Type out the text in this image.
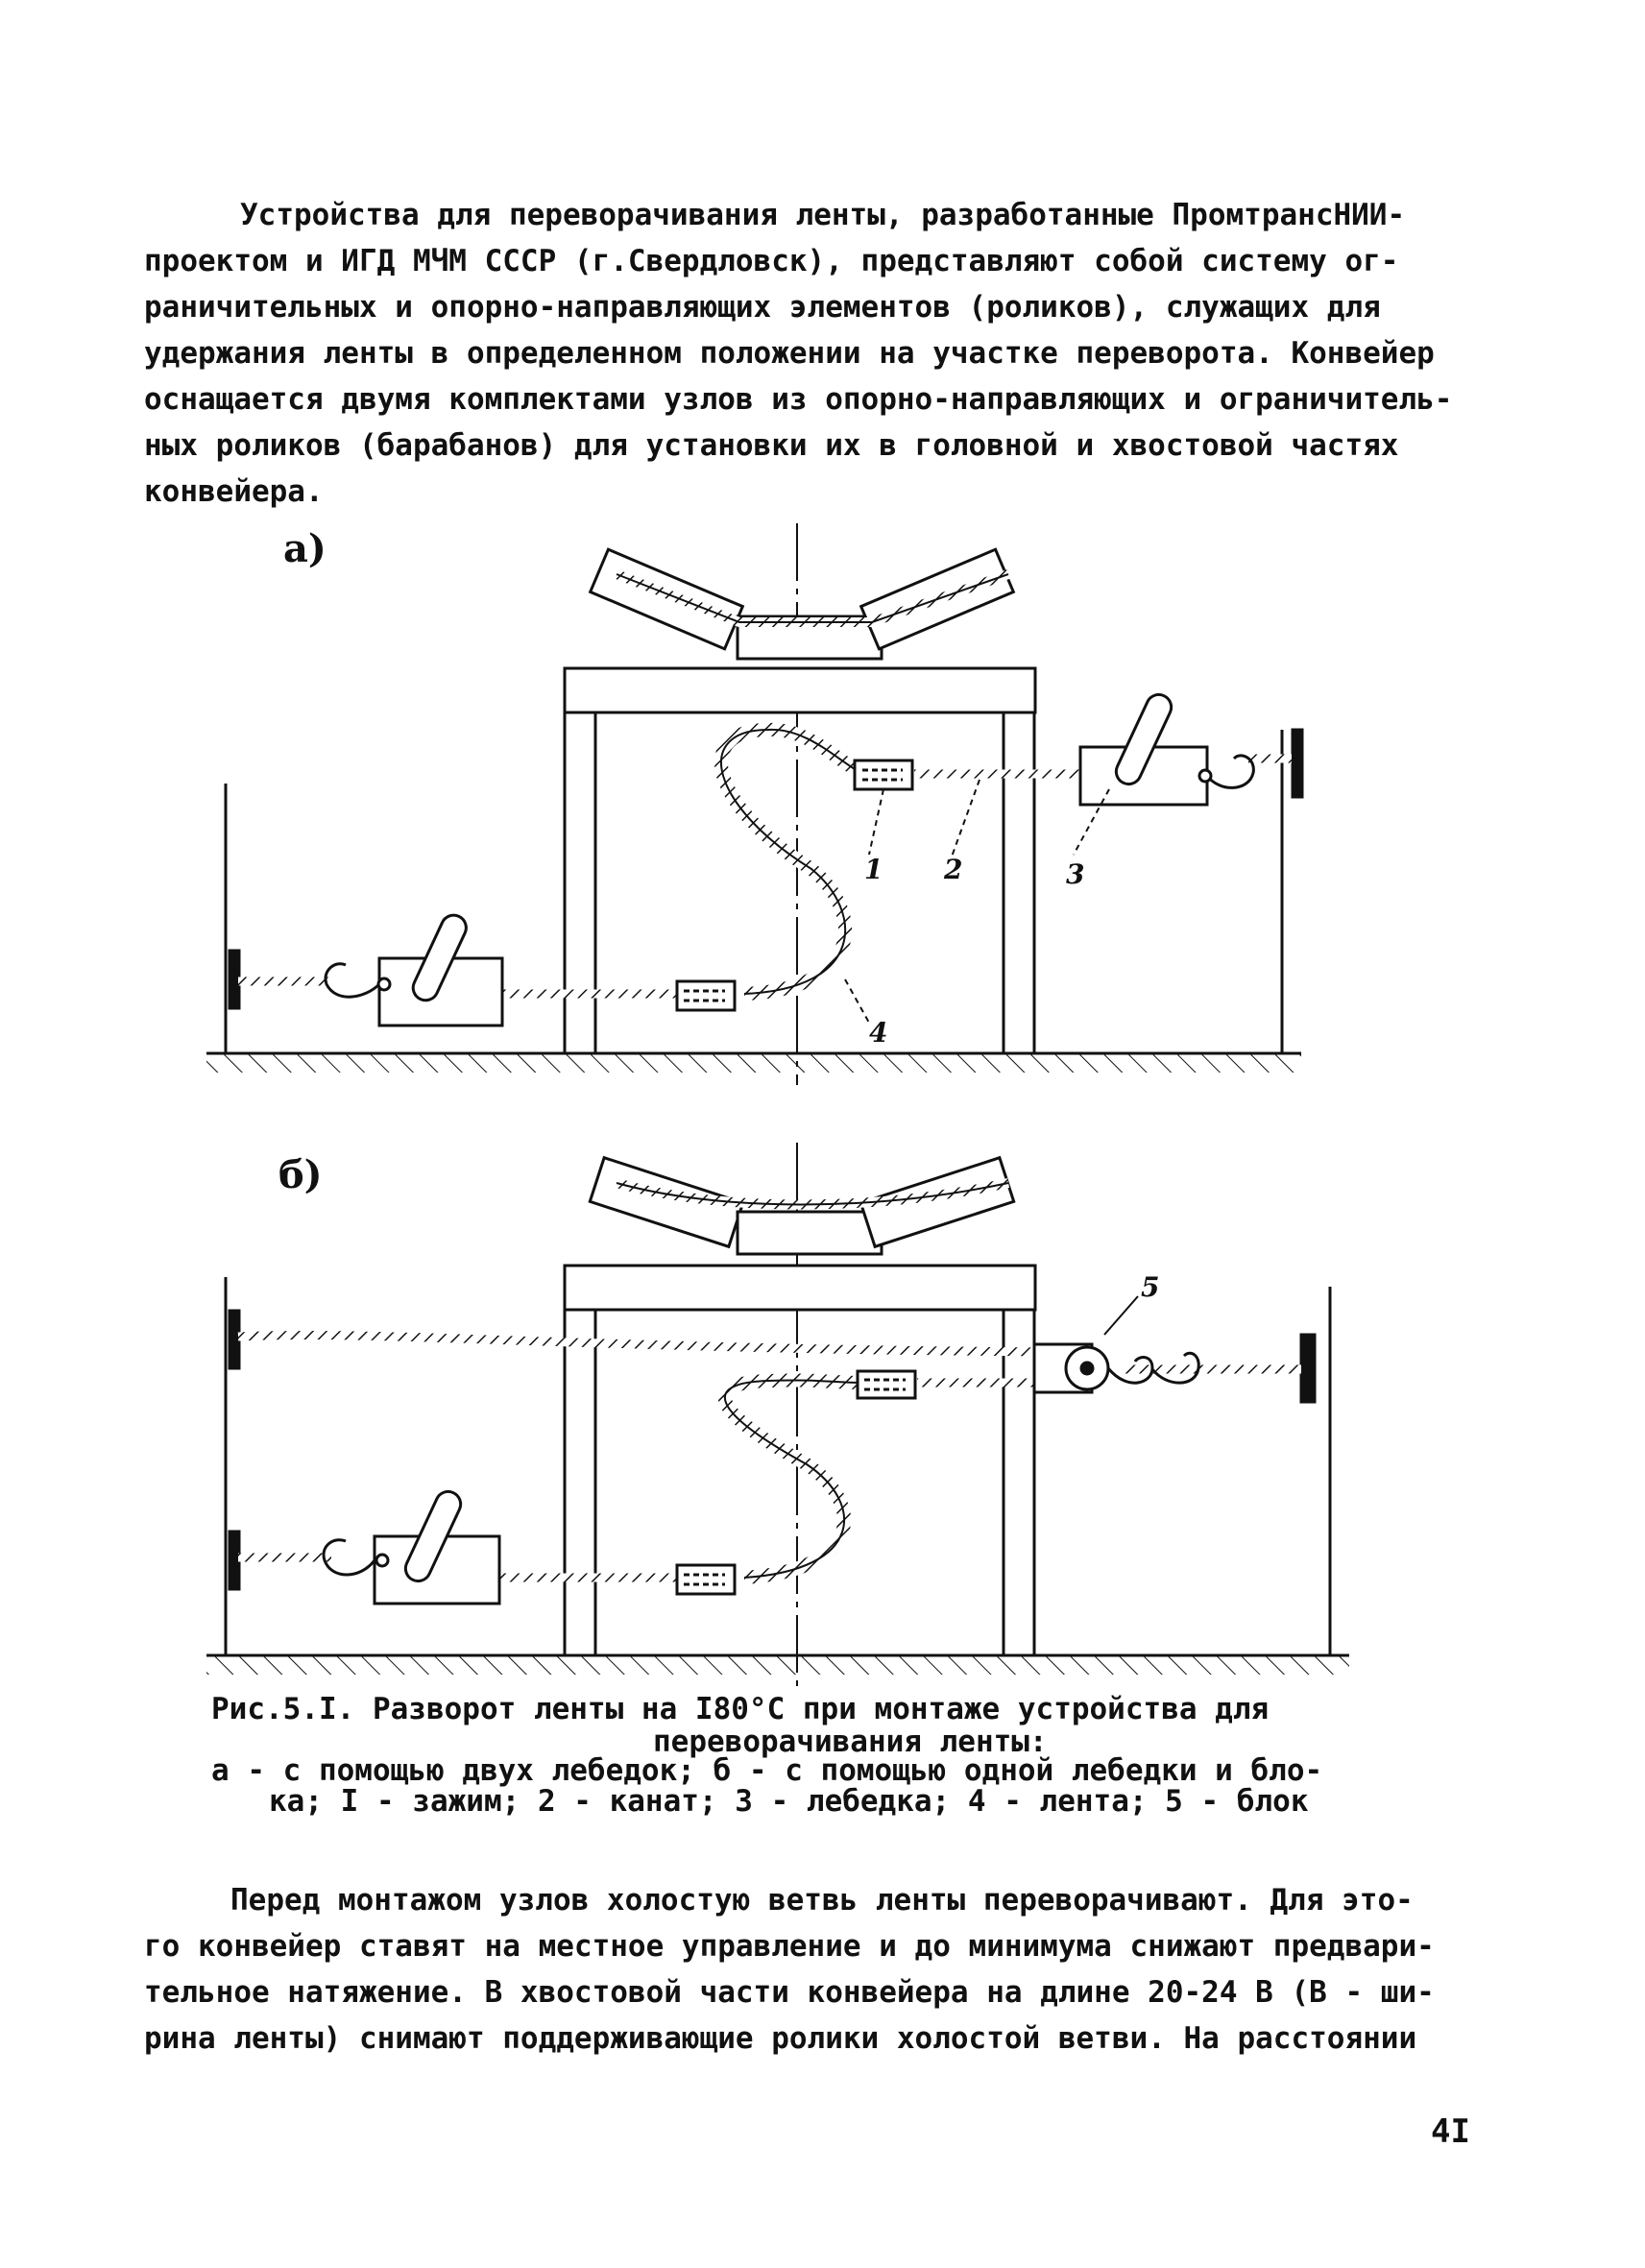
Устройства для переворачивания ленты, разработанные ПромтрансНИИ-
проектом и ИГД МЧМ СССР (г.Свердловск), представляют собой систему ог-
раничительных и опорно-направляющих элементов (роликов), служащих для
удержания ленты в определенном положении на участке переворота. Конвейер
оснащается двумя комплектами узлов из опорно-направляющих и ограничитель-
ных роликов (барабанов) для установки их в головной и хвостовой частях
конвейера.
1 2	3
4
5
а)
б)
Рис.5.I. Разворот ленты на I80°С при монтаже устройства для
переворачивания ленты:
а - с помощью двух лебедок; б - с помощью одной лебедки и бло-
ка; I - зажим; 2 - канат; 3 - лебедка; 4 - лента; 5 - блок
Перед монтажом узлов холостую ветвь ленты переворачивают. Для это-
го конвейер ставят на местное управление и до минимума снижают предвари-
тельное натяжение. В хвостовой части конвейера на длине 20-24 В (В - ши-
рина ленты) снимают поддерживающие ролики холостой ветви. На расстоянии
4I
